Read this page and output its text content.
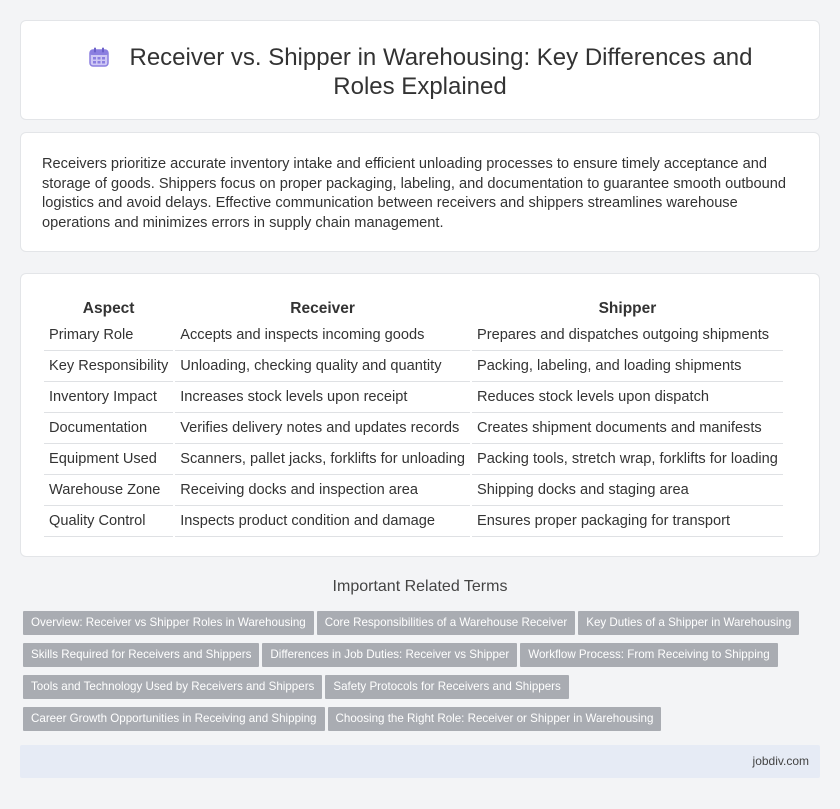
Receiver vs. Shipper in Warehousing: Key Differences and Roles Explained

Receivers prioritize accurate inventory intake and efficient unloading processes to ensure timely acceptance and storage of goods. Shippers focus on proper packaging, labeling, and documentation to guarantee smooth outbound logistics and avoid delays. Effective communication between receivers and shippers streamlines warehouse operations and minimizes errors in supply chain management.

Aspect	Receiver	Shipper
Primary Role	Accepts and inspects incoming goods	Prepares and dispatches outgoing shipments
Key Responsibility	Unloading, checking quality and quantity	Packing, labeling, and loading shipments
Inventory Impact	Increases stock levels upon receipt	Reduces stock levels upon dispatch
Documentation	Verifies delivery notes and updates records	Creates shipment documents and manifests
Equipment Used	Scanners, pallet jacks, forklifts for unloading	Packing tools, stretch wrap, forklifts for loading
Warehouse Zone	Receiving docks and inspection area	Shipping docks and staging area
Quality Control	Inspects product condition and damage	Ensures proper packaging for transport
Important Related Terms
Overview: Receiver vs Shipper Roles in Warehousing Core Responsibilities of a Warehouse Receiver Key Duties of a Shipper in Warehousing
Skills Required for Receivers and Shippers Differences in Job Duties: Receiver vs Shipper Workflow Process: From Receiving to Shipping
Tools and Technology Used by Receivers and Shippers Safety Protocols for Receivers and Shippers
Career Growth Opportunities in Receiving and Shipping Choosing the Right Role: Receiver or Shipper in Warehousing
jobdiv.com
